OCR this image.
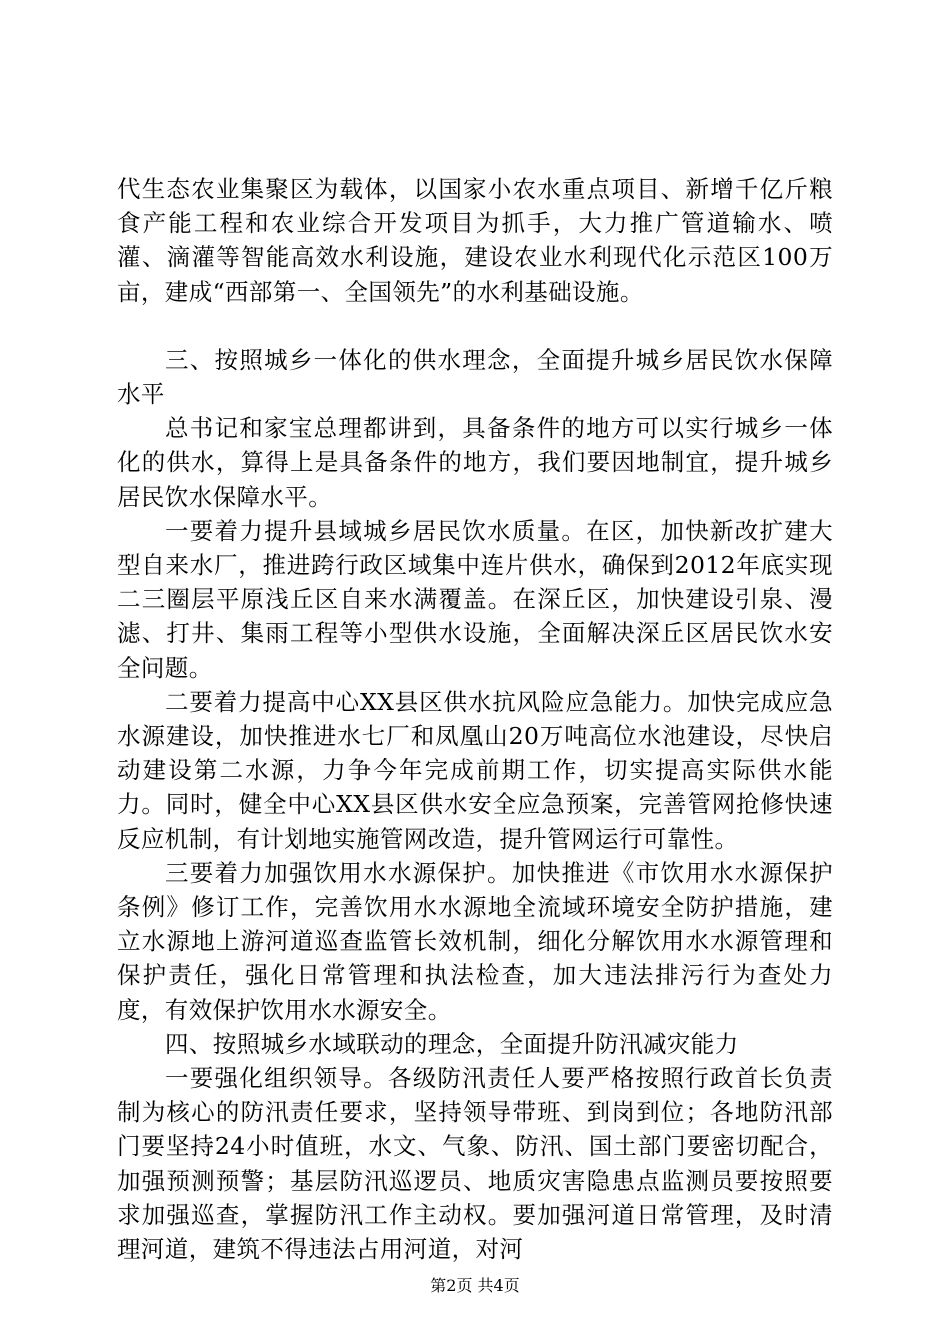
代生态农业集聚区为载体，以国家小农水重点项目、新增千亿斤粮食产能工程和农业综合开发项目为抓手，大力推广管道输水、喷灌、滴灌等智能高效水利设施，建设农业水利现代化示范区100万亩，建成“西部第一、全国领先”的水利基础设施。

三、按照城乡一体化的供水理念，全面提升城乡居民饮水保障水平

总书记和家宝总理都讲到，具备条件的地方可以实行城乡一体化的供水，算得上是具备条件的地方，我们要因地制宜，提升城乡居民饮水保障水平。

一要着力提升县域城乡居民饮水质量。在区，加快新改扩建大型自来水厂，推进跨行政区域集中连片供水，确保到2012年底实现二三圈层平原浅丘区自来水满覆盖。在深丘区，加快建设引泉、漫滤、打井、集雨工程等小型供水设施，全面解决深丘区居民饮水安全问题。

二要着力提高中心XX县区供水抗风险应急能力。加快完成应急水源建设，加快推进水七厂和凤凰山20万吨高位水池建设，尽快启动建设第二水源，力争今年完成前期工作，切实提高实际供水能力。同时，健全中心XX县区供水安全应急预案，完善管网抢修快速反应机制，有计划地实施管网改造，提升管网运行可靠性。

三要着力加强饮用水水源保护。加快推进《市饮用水水源保护条例》修订工作，完善饮用水水源地全流域环境安全防护措施，建立水源地上游河道巡查监管长效机制，细化分解饮用水水源管理和保护责任，强化日常管理和执法检查，加大违法排污行为查处力度，有效保护饮用水水源安全。

四、按照城乡水域联动的理念，全面提升防汛减灾能力

一要强化组织领导。各级防汛责任人要严格按照行政首长负责制为核心的防汛责任要求，坚持领导带班、到岗到位；各地防汛部门要坚持24小时值班，水文、气象、防汛、国土部门要密切配合，加强预测预警；基层防汛巡逻员、地质灾害隐患点监测员要按照要求加强巡查，掌握防汛工作主动权。要加强河道日常管理，及时清理河道，建筑不得违法占用河道，对河

第2页 共4页
